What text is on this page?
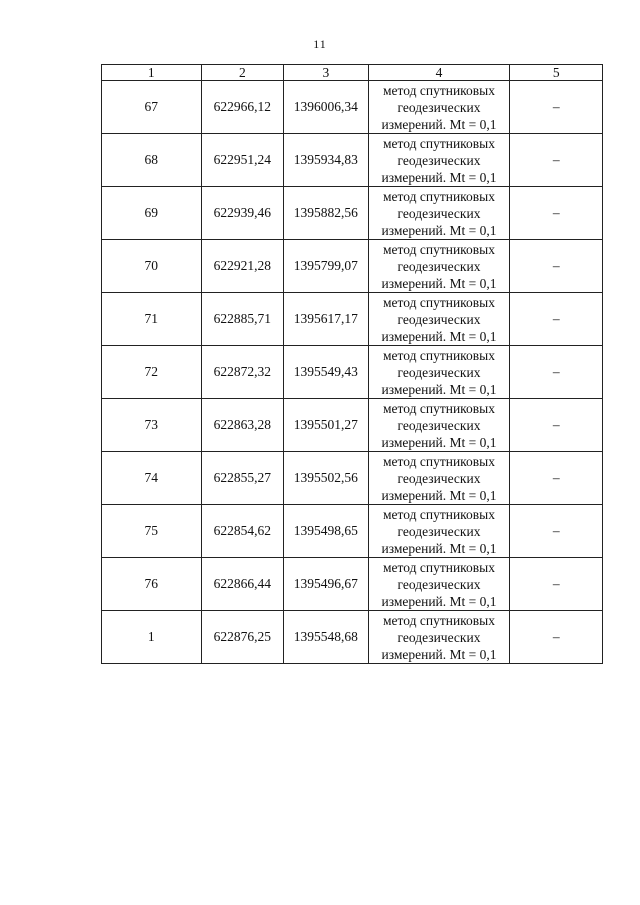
11
1	2	3	4	5
67	622966,12	1396006,34	метод спутниковых геодезических измерений. Mt = 0,1	–
68	622951,24	1395934,83	метод спутниковых геодезических измерений. Mt = 0,1	–
69	622939,46	1395882,56	метод спутниковых геодезических измерений. Mt = 0,1	–
70	622921,28	1395799,07	метод спутниковых геодезических измерений. Mt = 0,1	–
71	622885,71	1395617,17	метод спутниковых геодезических измерений. Mt = 0,1	–
72	622872,32	1395549,43	метод спутниковых геодезических измерений. Mt = 0,1	–
73	622863,28	1395501,27	метод спутниковых геодезических измерений. Mt = 0,1	–
74	622855,27	1395502,56	метод спутниковых геодезических измерений. Mt = 0,1	–
75	622854,62	1395498,65	метод спутниковых геодезических измерений. Mt = 0,1	–
76	622866,44	1395496,67	метод спутниковых геодезических измерений. Mt = 0,1	–
1	622876,25	1395548,68	метод спутниковых геодезических измерений. Mt = 0,1	–
